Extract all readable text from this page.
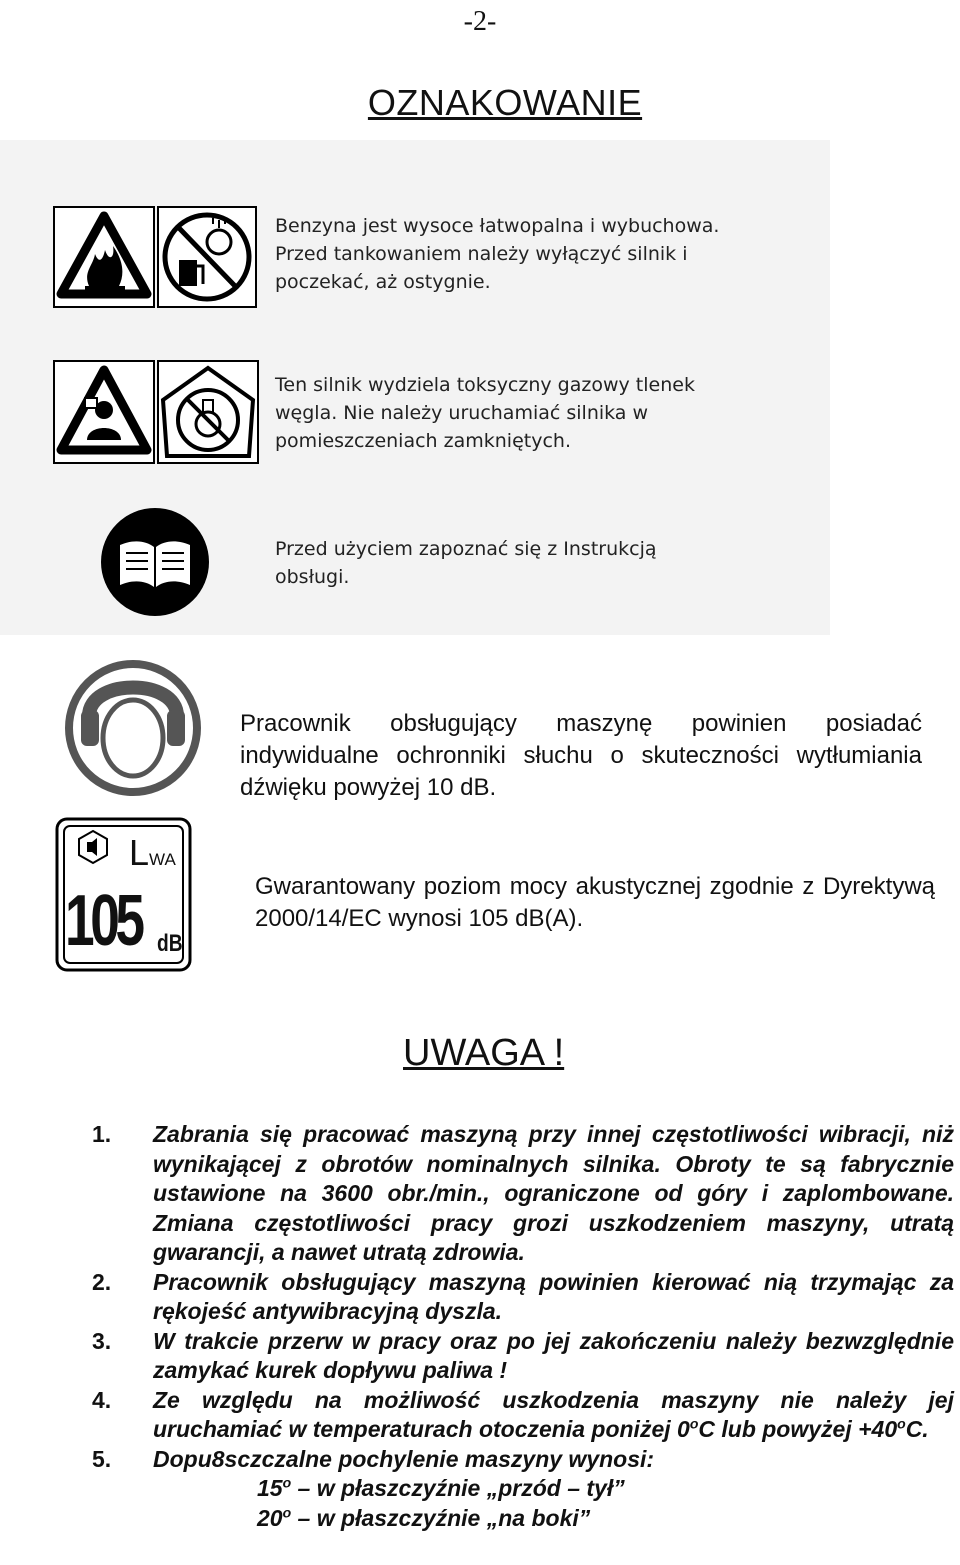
-2-
OZNAKOWANIE
Benzyna jest wysoce łatwopalna i wybuchowa.
Przed tankowaniem należy wyłączyć silnik i
poczekać, aż ostygnie.
Ten silnik wydziela toksyczny gazowy tlenek
węgla. Nie należy uruchamiać silnika w
pomieszczeniach zamkniętych.
Przed użyciem zapoznać się z Instrukcją
obsługi.
Pracownik obsługujący maszynę powinien posiadać indywidualne ochronniki słuchu o skuteczności wytłumiania dźwięku powyżej 10 dB.
LWA
105 dB
Gwarantowany poziom mocy akustycznej zgodnie z Dyrektywą 2000/14/EC wynosi 105 dB(A).
UWAGA !
1. Zabrania się pracować maszyną przy innej częstotliwości wibracji, niż wynikającej z obrotów nominalnych silnika. Obroty te są fabrycznie ustawione na 3600 obr./min., ograniczone od góry i zaplombowane. Zmiana częstotliwości pracy grozi uszkodzeniem maszyny, utratą gwarancji, a nawet utratą zdrowia.
2. Pracownik obsługujący maszyną powinien kierować nią trzymając za rękojeść antywibracyjną dyszla.
3. W trakcie przerw w pracy oraz po jej zakończeniu należy bezwzględnie zamykać kurek dopływu paliwa !
4. Ze względu na możliwość uszkodzenia maszyny nie należy jej uruchamiać w temperaturach otoczenia poniżej 0$^o$C lub powyżej $+40^oC$.
5. Dopu8sczczalne pochylenie maszyny wynosi:
15$^o$ – w płaszczyźnie „przód – tył”
20$^o$ – w płaszczyźnie „na boki”
